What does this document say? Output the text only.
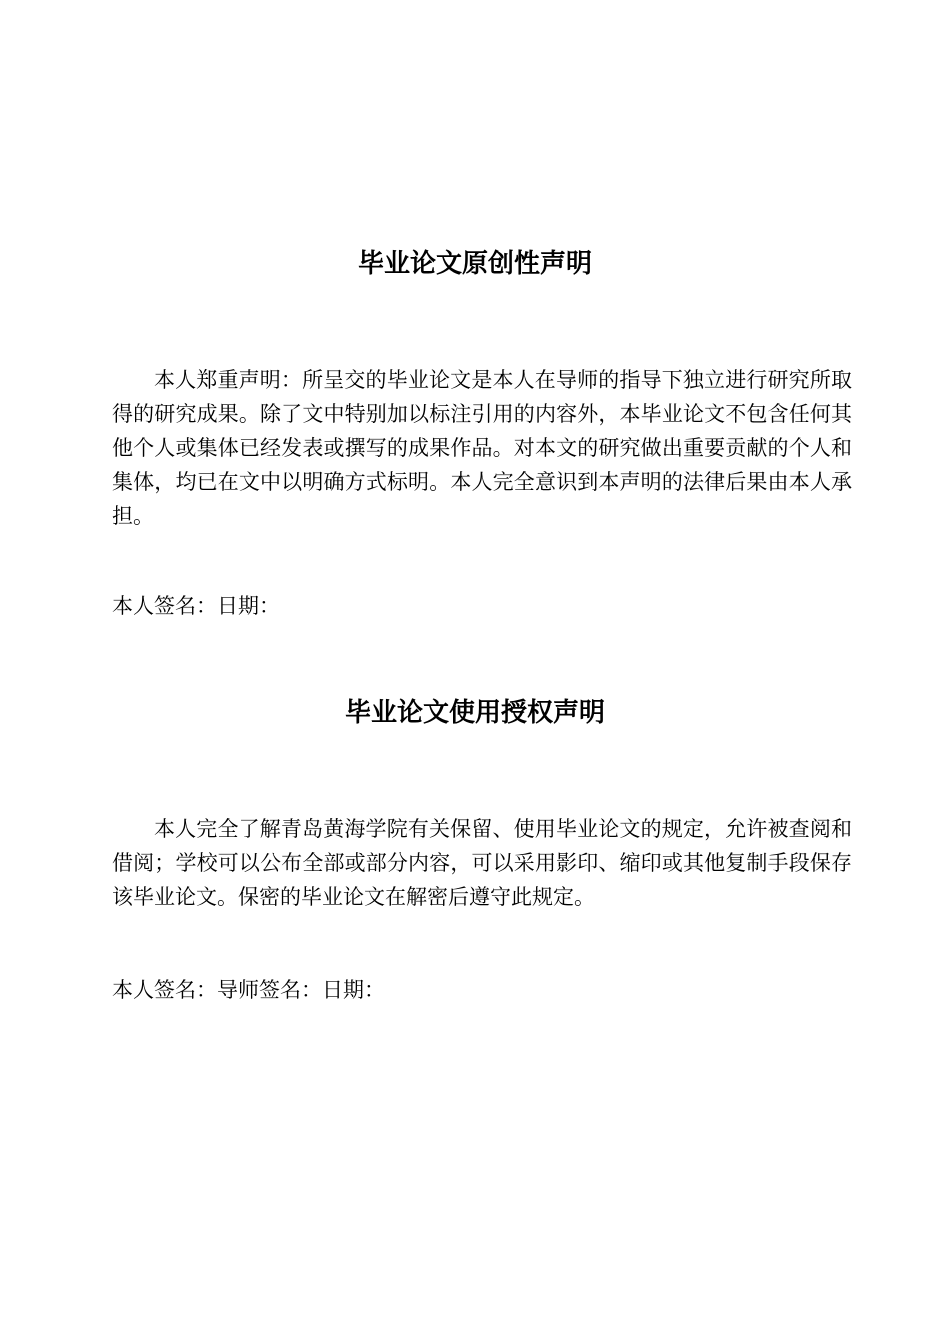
毕业论文原创性声明

本人郑重声明：所呈交的毕业论文是本人在导师的指导下独立进行研究所取得的研究成果。除了文中特别加以标注引用的内容外，本毕业论文不包含任何其他个人或集体已经发表或撰写的成果作品。对本文的研究做出重要贡献的个人和集体，均已在文中以明确方式标明。本人完全意识到本声明的法律后果由本人承担。

本人签名：日期：

毕业论文使用授权声明

本人完全了解青岛黄海学院有关保留、使用毕业论文的规定，允许被查阅和借阅；学校可以公布全部或部分内容，可以采用影印、缩印或其他复制手段保存该毕业论文。保密的毕业论文在解密后遵守此规定。

本人签名：导师签名：日期：
